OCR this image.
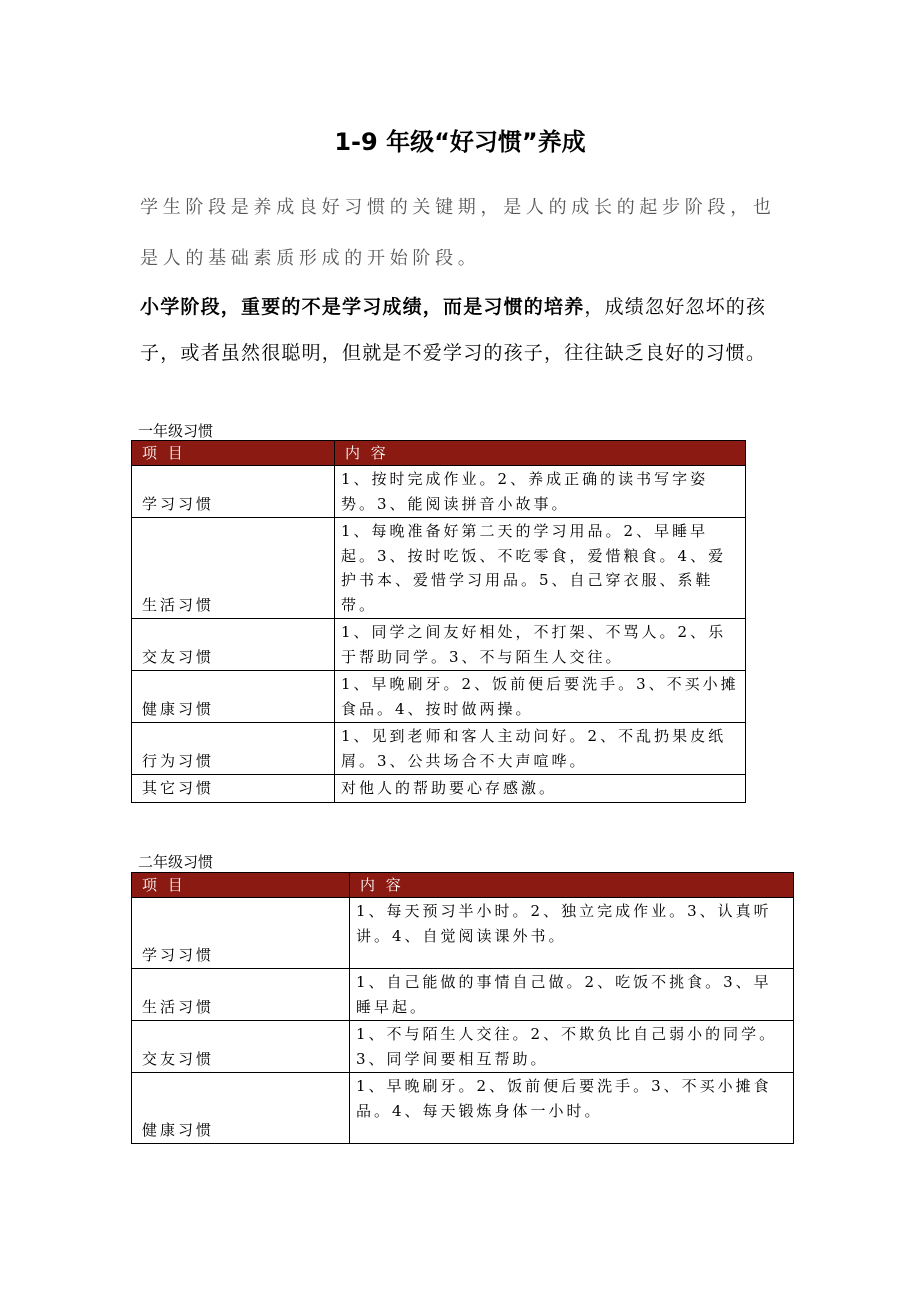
1-9 年级“好习惯”养成

学生阶段是养成良好习惯的关键期，是人的成长的起步阶段，也是人的基础素质形成的开始阶段。

小学阶段，重要的不是学习成绩，而是习惯的培养，成绩忽好忽坏的孩子，或者虽然很聪明，但就是不爱学习的孩子，往往缺乏良好的习惯。

一年级习惯

项 目	内 容
学习习惯	1、按时完成作业。2、养成正确的读书写字姿势。3、能阅读拼音小故事。
生活习惯	1、每晚准备好第二天的学习用品。2、早睡早起。3、按时吃饭、不吃零食，爱惜粮食。4、爱护书本、爱惜学习用品。5、自己穿衣服、系鞋带。
交友习惯	1、同学之间友好相处，不打架、不骂人。2、乐于帮助同学。3、不与陌生人交往。
健康习惯	1、早晚刷牙。2、饭前便后要洗手。3、不买小摊食品。4、按时做两操。
行为习惯	1、见到老师和客人主动问好。2、不乱扔果皮纸屑。3、公共场合不大声喧哗。
其它习惯	对他人的帮助要心存感激。

二年级习惯

项 目	内 容
学习习惯	1、每天预习半小时。2、独立完成作业。3、认真听讲。4、自觉阅读课外书。
生活习惯	1、自己能做的事情自己做。2、吃饭不挑食。3、早睡早起。
交友习惯	1、不与陌生人交往。2、不欺负比自己弱小的同学。3、同学间要相互帮助。
健康习惯	1、早晚刷牙。2、饭前便后要洗手。3、不买小摊食品。4、每天锻炼身体一小时。
